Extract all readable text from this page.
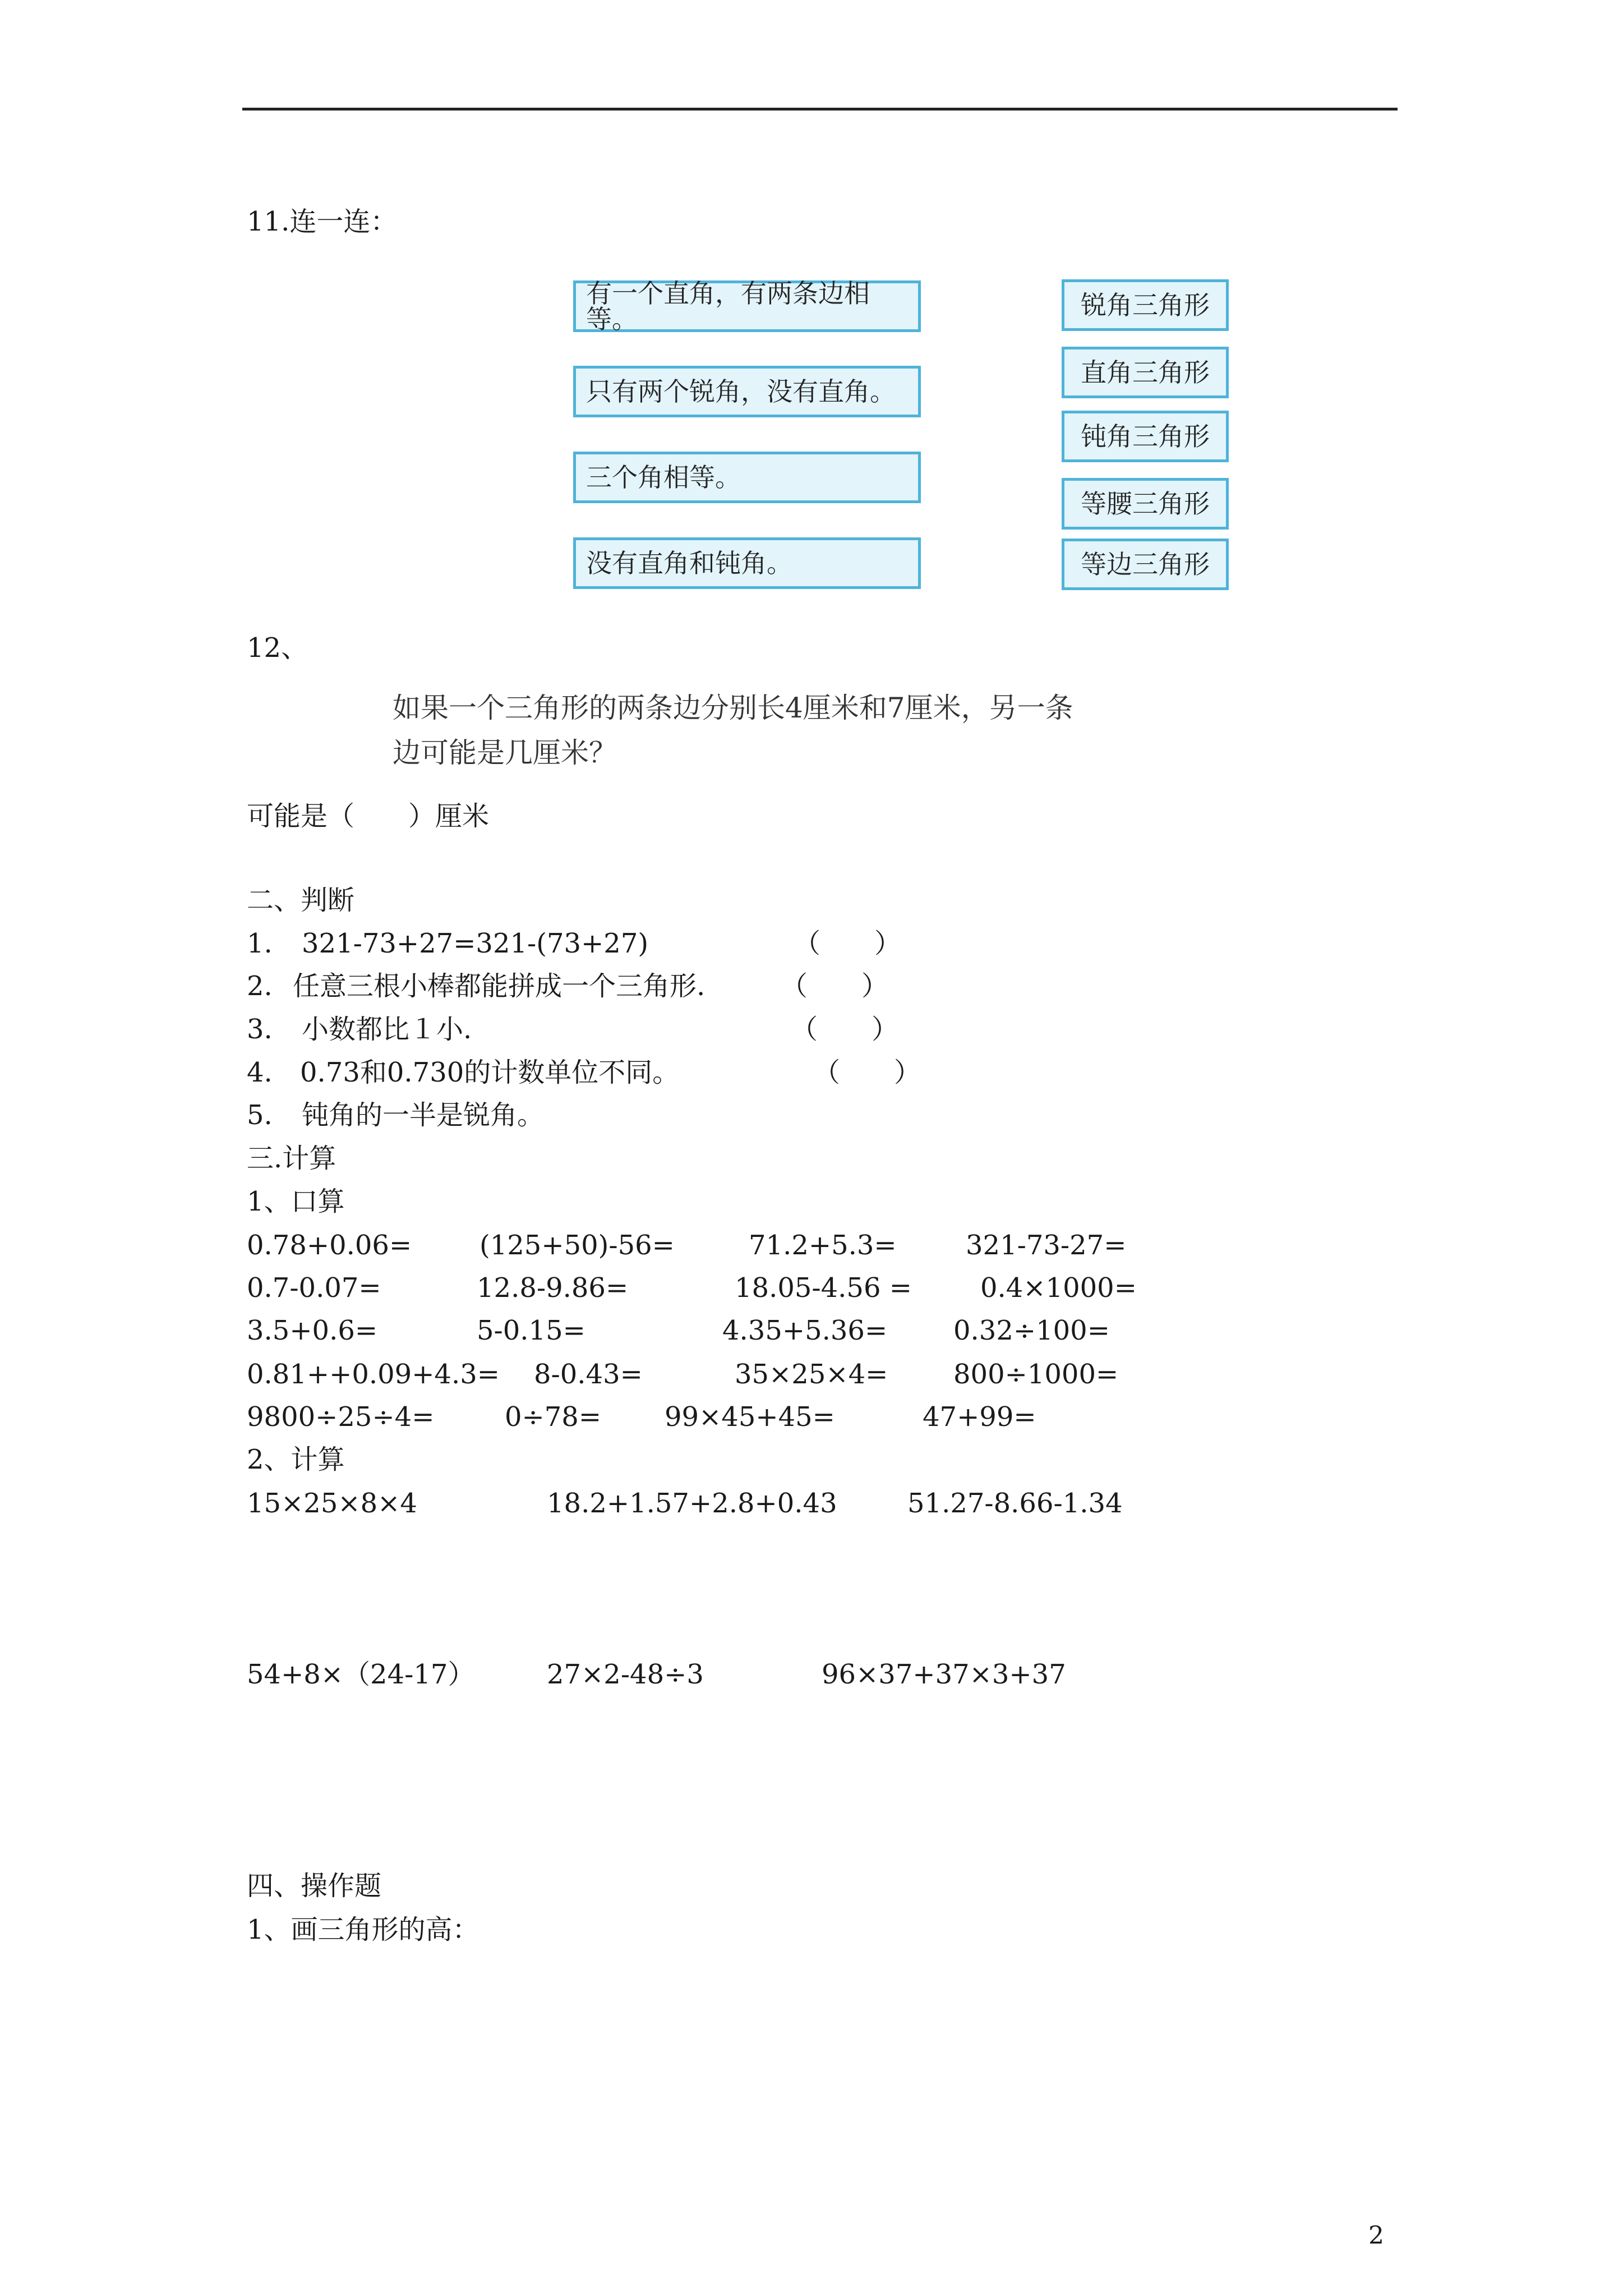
11.连一连：
有一个直角，有两条边相等。
只有两个锐角，没有直角。
三个角相等。
没有直角和钝角。
锐角三角形
直角三角形
钝角三角形
等腰三角形
等边三角形
12、
如果一个三角形的两条边分别长4厘米和7厘米，另一条
边可能是几厘米？
可能是（　　）厘米
二、判断
1. 321-73+27=321-(73+27)	（　　）
2. 任意三根小棒都能拼成一个三角形.	（　　）
3. 小数都比１小.	（　　）
4. 0.73和0.730的计数单位不同。	（　　）
5. 钝角的一半是锐角。
三.计算
1、口算
0.78+0.06=	(125+50)-56=	71.2+5.3=	321-73-27=
0.7-0.07=	12.8-9.86=	18.05-4.56 =	0.4×1000=
3.5+0.6=	5-0.15=	4.35+5.36= 0.32÷100=
0.81++0.09+4.3= 8-0.43=	35×25×4= 800÷1000=
9800÷25÷4=	0÷78= 99×45+45=	47+99=
2、计算
15×25×8×4	18.2+1.57+2.8+0.43	51.27-8.66-1.34
54+8×（24-17）	27×2-48÷3	96×37+37×3+37
四、操作题
1、画三角形的高：
2
